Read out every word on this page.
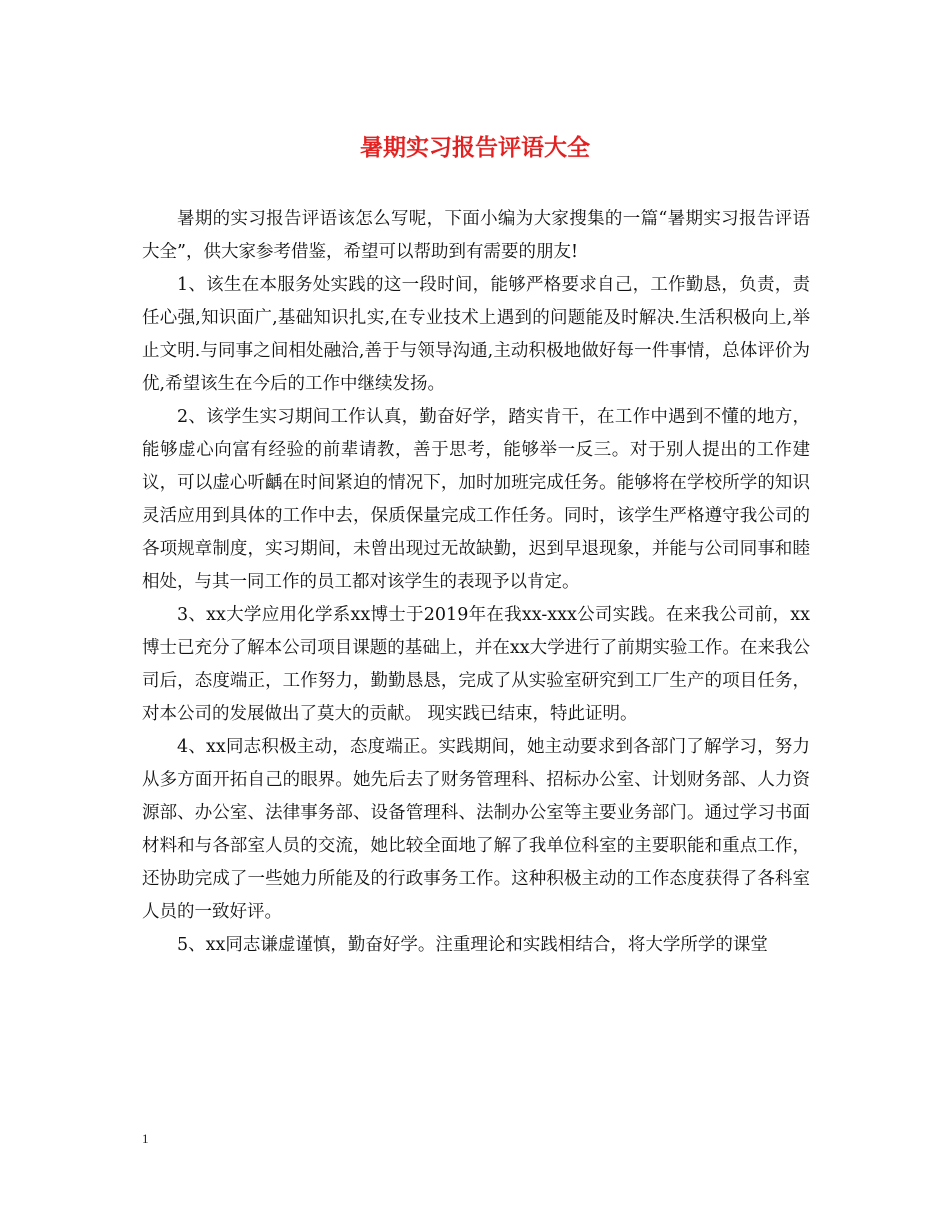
暑期实习报告评语大全

暑期的实习报告评语该怎么写呢，下面小编为大家搜集的一篇“暑期实习报告评语大全”，供大家参考借鉴，希望可以帮助到有需要的朋友!

1、该生在本服务处实践的这一段时间，能够严格要求自己，工作勤恳，负责，责任心强,知识面广,基础知识扎实,在专业技术上遇到的问题能及时解决.生活积极向上,举止文明.与同事之间相处融洽,善于与领导沟通,主动积极地做好每一件事情，总体评价为优,希望该生在今后的工作中继续发扬。

2、该学生实习期间工作认真，勤奋好学，踏实肯干，在工作中遇到不懂的地方，能够虚心向富有经验的前辈请教，善于思考，能够举一反三。对于别人提出的工作建议，可以虚心听齲在时间紧迫的情况下，加时加班完成任务。能够将在学校所学的知识灵活应用到具体的工作中去，保质保量完成工作任务。同时，该学生严格遵守我公司的各项规章制度，实习期间，未曾出现过无故缺勤，迟到早退现象，并能与公司同事和睦相处，与其一同工作的员工都对该学生的表现予以肯定。

3、xx大学应用化学系xx博士于2019年在我xx-xxx公司实践。在来我公司前，xx博士已充分了解本公司项目课题的基础上，并在xx大学进行了前期实验工作。在来我公司后，态度端正，工作努力，勤勤恳恳，完成了从实验室研究到工厂生产的项目任务，对本公司的发展做出了莫大的贡献。 现实践已结束，特此证明。

4、xx同志积极主动，态度端正。实践期间，她主动要求到各部门了解学习，努力从多方面开拓自己的眼界。她先后去了财务管理科、招标办公室、计划财务部、人力资源部、办公室、法律事务部、设备管理科、法制办公室等主要业务部门。通过学习书面材料和与各部室人员的交流，她比较全面地了解了我单位科室的主要职能和重点工作，还协助完成了一些她力所能及的行政事务工作。这种积极主动的工作态度获得了各科室人员的一致好评。

5、xx同志谦虚谨慎，勤奋好学。注重理论和实践相结合，将大学所学的课堂

1
